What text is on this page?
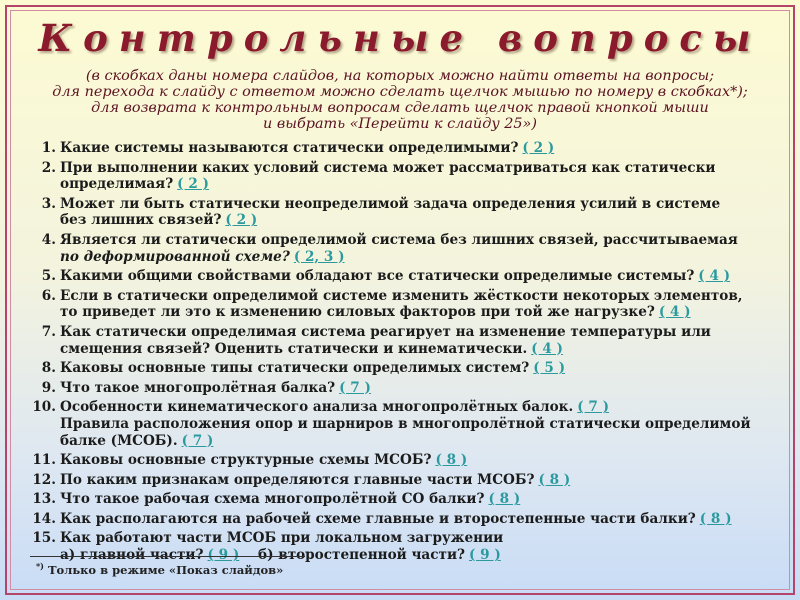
Контрольные вопросы
(в скобках даны номера слайдов, на которых можно найти ответы на вопросы;
для перехода к слайду с ответом можно сделать щелчок мышью по номеру в скобках*);
для возврата к контрольным вопросам сделать щелчок правой кнопкой мыши
и выбрать «Перейти к слайду 25»)
1. Какие системы называются статически определимыми? ( 2 )
2. При выполнении каких условий система может рассматриваться как статически
определимая? ( 2 )
3. Может ли быть статически неопределимой задача определения усилий в системе
без лишних связей? ( 2 )
4. Является ли статически определимой система без лишних связей, рассчитываемая
по деформированной схеме? ( 2, 3 )
5. Какими общими свойствами обладают все статически определимые системы? ( 4 )
6. Если в статически определимой системе изменить жёсткости некоторых элементов,
то приведет ли это к изменению силовых факторов при той же нагрузке? ( 4 )
7. Как статически определимая система реагирует на изменение температуры или
смещения связей? Оценить статически и кинематически. ( 4 )
8. Каковы основные типы статически определимых систем? ( 5 )
9. Что такое многопролётная балка? ( 7 )
10. Особенности кинематического анализа многопролётных балок. ( 7 )
Правила расположения опор и шарниров в многопролётной статически определимой
балке (МСОБ). ( 7 )
11. Каковы основные структурные схемы МСОБ? ( 8 )
12. По каким признакам определяются главные части МСОБ? ( 8 )
13. Что такое рабочая схема многопролётной СО балки? ( 8 )
14. Как располагаются на рабочей схеме главные и второстепенные части балки? ( 8 )
15. Как работают части МСОБ при локальном загружении
а) главной части? ( 9 ) б) второстепенной части? ( 9 )
*) Только в режиме «Показ слайдов»
